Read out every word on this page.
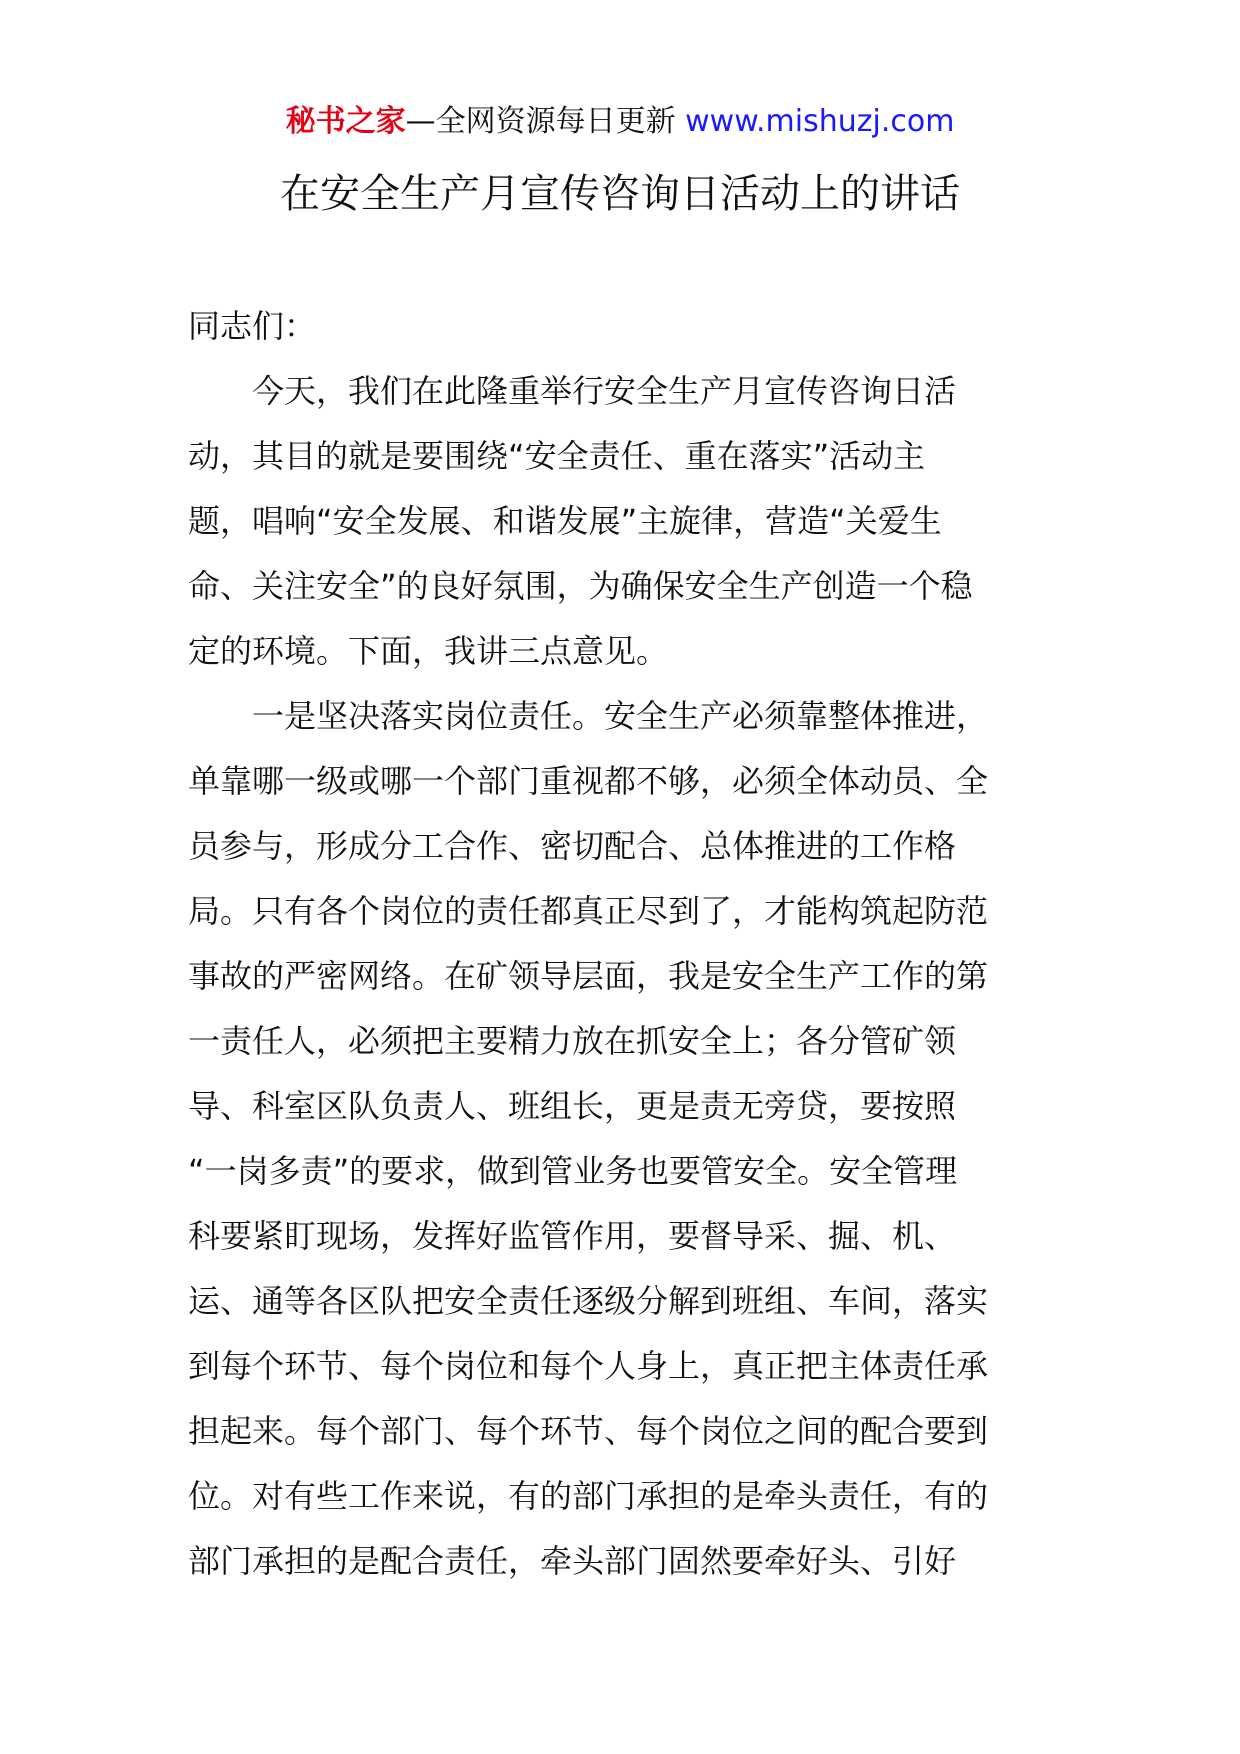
秘书之家—全网资源每日更新 www.mishuzj.com
在安全生产月宣传咨询日活动上的讲话
同志们：
今天，我们在此隆重举行安全生产月宣传咨询日活
动，其目的就是要围绕“安全责任、重在落实”活动主
题，唱响“安全发展、和谐发展”主旋律，营造“关爱生
命、关注安全”的良好氛围，为确保安全生产创造一个稳
定的环境。下面，我讲三点意见。
一是坚决落实岗位责任。安全生产必须靠整体推进，
单靠哪一级或哪一个部门重视都不够，必须全体动员、全
员参与，形成分工合作、密切配合、总体推进的工作格
局。只有各个岗位的责任都真正尽到了，才能构筑起防范
事故的严密网络。在矿领导层面，我是安全生产工作的第
一责任人，必须把主要精力放在抓安全上；各分管矿领
导、科室区队负责人、班组长，更是责无旁贷，要按照
“一岗多责”的要求，做到管业务也要管安全。安全管理
科要紧盯现场，发挥好监管作用，要督导采、掘、机、
运、通等各区队把安全责任逐级分解到班组、车间，落实
到每个环节、每个岗位和每个人身上，真正把主体责任承
担起来。每个部门、每个环节、每个岗位之间的配合要到
位。对有些工作来说，有的部门承担的是牵头责任，有的
部门承担的是配合责任，牵头部门固然要牵好头、引好
